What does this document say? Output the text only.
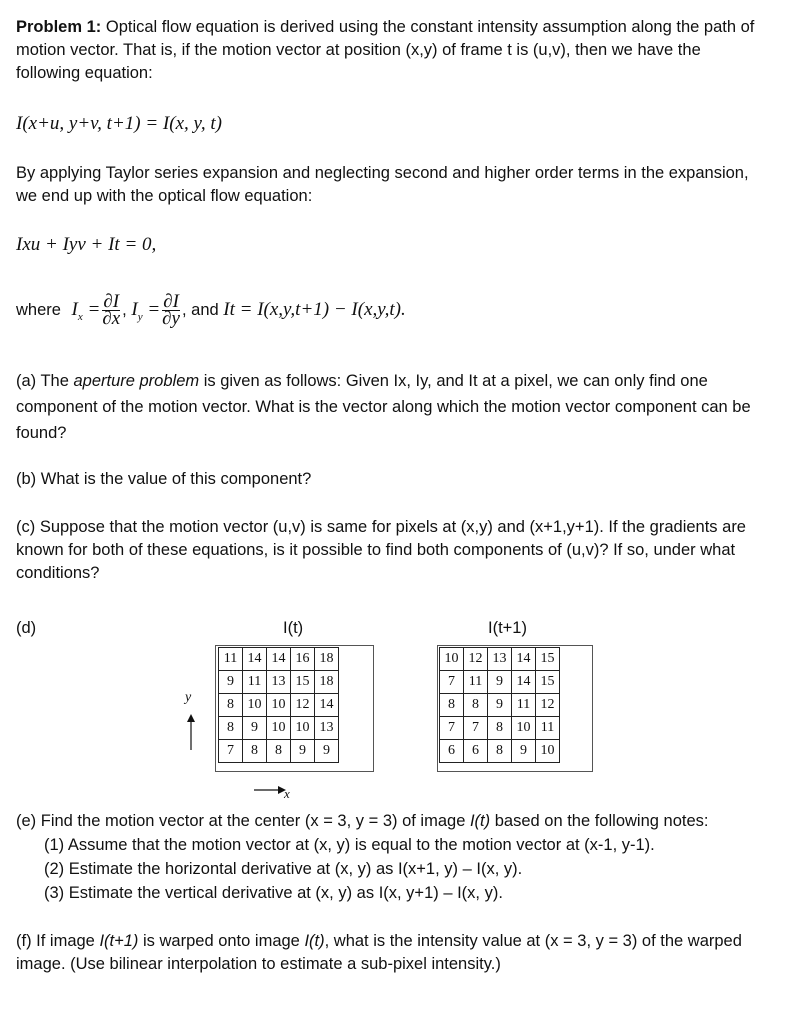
Problem 1: Optical flow equation is derived using the constant intensity assumption along the path of motion vector. That is, if the motion vector at position (x,y) of frame t is (u,v), then we have the following equation:
I(x+u, y+v, t+1) = I(x, y, t)
By applying Taylor series expansion and neglecting second and higher order terms in the expansion, we end up with the optical flow equation:
Ixu + Iyv + It = 0,
where $I_x = \frac{\partial I}{\partial x}$ , $I_y = \frac{\partial I}{\partial y}$ , and It = I(x,y,t+1) − I(x,y,t).
(a) The aperture problem is given as follows: Given Ix, Iy, and It at a pixel, we can only find one component of the motion vector. What is the vector along which the motion vector component can be found?
(b) What is the value of this component?
(c) Suppose that the motion vector (u,v) is same for pixels at (x,y) and (x+1,y+1). If the gradients are known for both of these equations, is it possible to find both components of (u,v)? If so, under what conditions?
(d)	I(t)	I(t+1)
11	14	14	16	18
9	11	13	15	18
8	10	10	12	14
8	9	10	10	13
7	8	8	9	9
10	12	13	14	15
7	11	9	14	15
8	8	9	11	12
7	7	8	10	11
6	6	8	9	10
y
x
(e) Find the motion vector at the center (x = 3, y = 3) of image I(t) based on the following notes:
(1) Assume that the motion vector at (x, y) is equal to the motion vector at (x-1, y-1).
(2) Estimate the horizontal derivative at (x, y) as I(x+1, y) – I(x, y).
(3) Estimate the vertical derivative at (x, y) as I(x, y+1) – I(x, y).
(f) If image I(t+1) is warped onto image I(t), what is the intensity value at (x = 3, y = 3) of the warped image. (Use bilinear interpolation to estimate a sub-pixel intensity.)
